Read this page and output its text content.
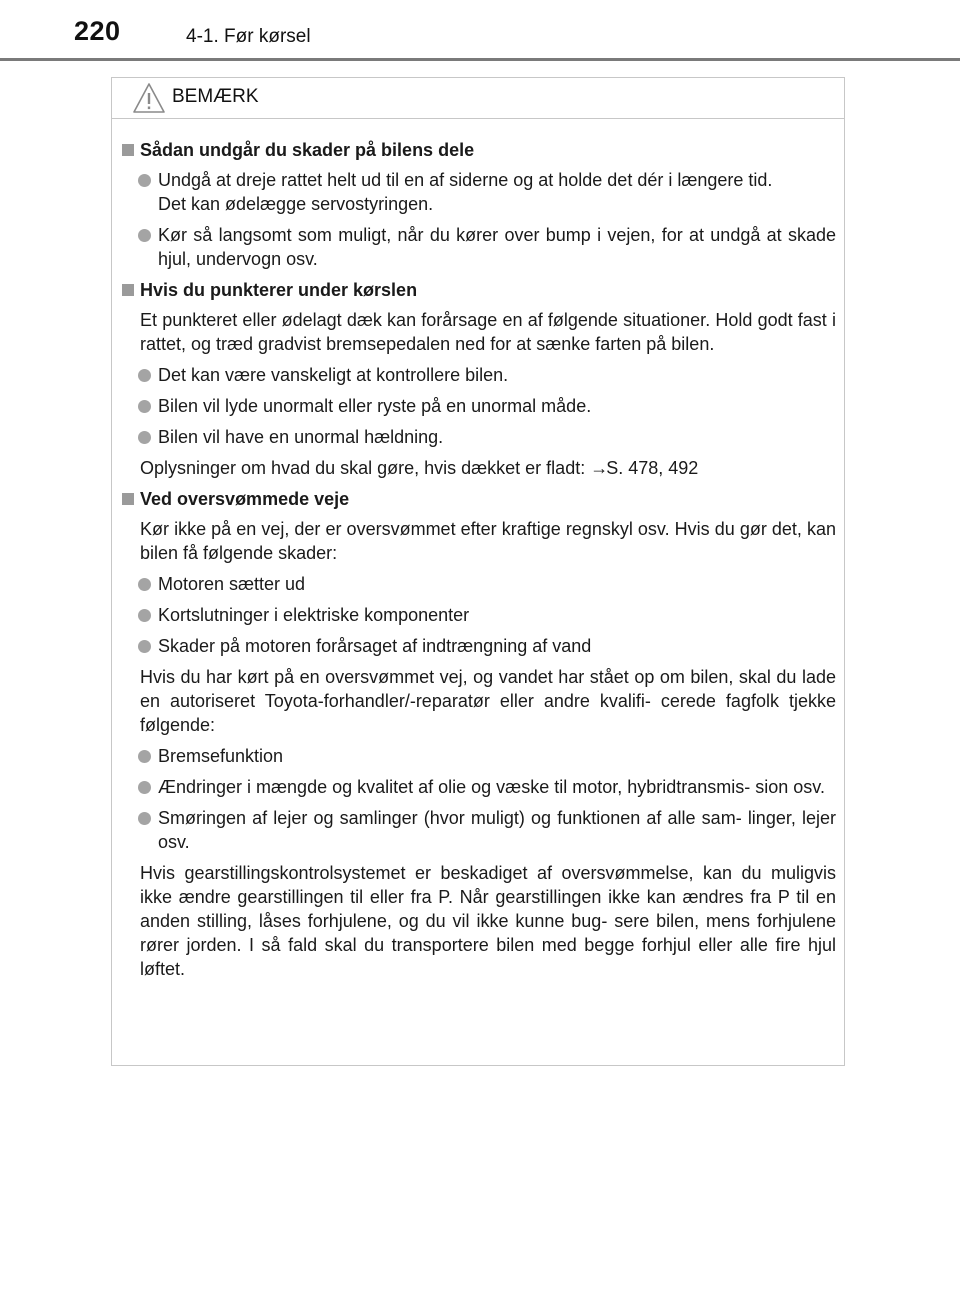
220	4-1. Før kørsel
BEMÆRK
Sådan undgår du skader på bilens dele
Undgå at dreje rattet helt ud til en af siderne og at holde det dér i længere tid.
Det kan ødelægge servostyringen.
Kør så langsomt som muligt, når du kører over bump i vejen, for at undgå at skade hjul, undervogn osv.
Hvis du punkterer under kørslen
Et punkteret eller ødelagt dæk kan forårsage en af følgende situationer. Hold godt fast i rattet, og træd gradvist bremsepedalen ned for at sænke farten på bilen.
Det kan være vanskeligt at kontrollere bilen.
Bilen vil lyde unormalt eller ryste på en unormal måde.
Bilen vil have en unormal hældning.
Oplysninger om hvad du skal gøre, hvis dækket er fladt: →S. 478, 492
Ved oversvømmede veje
Kør ikke på en vej, der er oversvømmet efter kraftige regnskyl osv. Hvis du gør det, kan bilen få følgende skader:
Motoren sætter ud
Kortslutninger i elektriske komponenter
Skader på motoren forårsaget af indtrængning af vand
Hvis du har kørt på en oversvømmet vej, og vandet har stået op om bilen, skal du lade en autoriseret Toyota-forhandler/-reparatør eller andre kvalifi- cerede fagfolk tjekke følgende:
Bremsefunktion
Ændringer i mængde og kvalitet af olie og væske til motor, hybridtransmis- sion osv.
Smøringen af lejer og samlinger (hvor muligt) og funktionen af alle sam- linger, lejer osv.
Hvis gearstillingskontrolsystemet er beskadiget af oversvømmelse, kan du muligvis ikke ændre gearstillingen til eller fra P. Når gearstillingen ikke kan ændres fra P til en anden stilling, låses forhjulene, og du vil ikke kunne bug- sere bilen, mens forhjulene rører jorden. I så fald skal du transportere bilen med begge forhjul eller alle fire hjul løftet.
